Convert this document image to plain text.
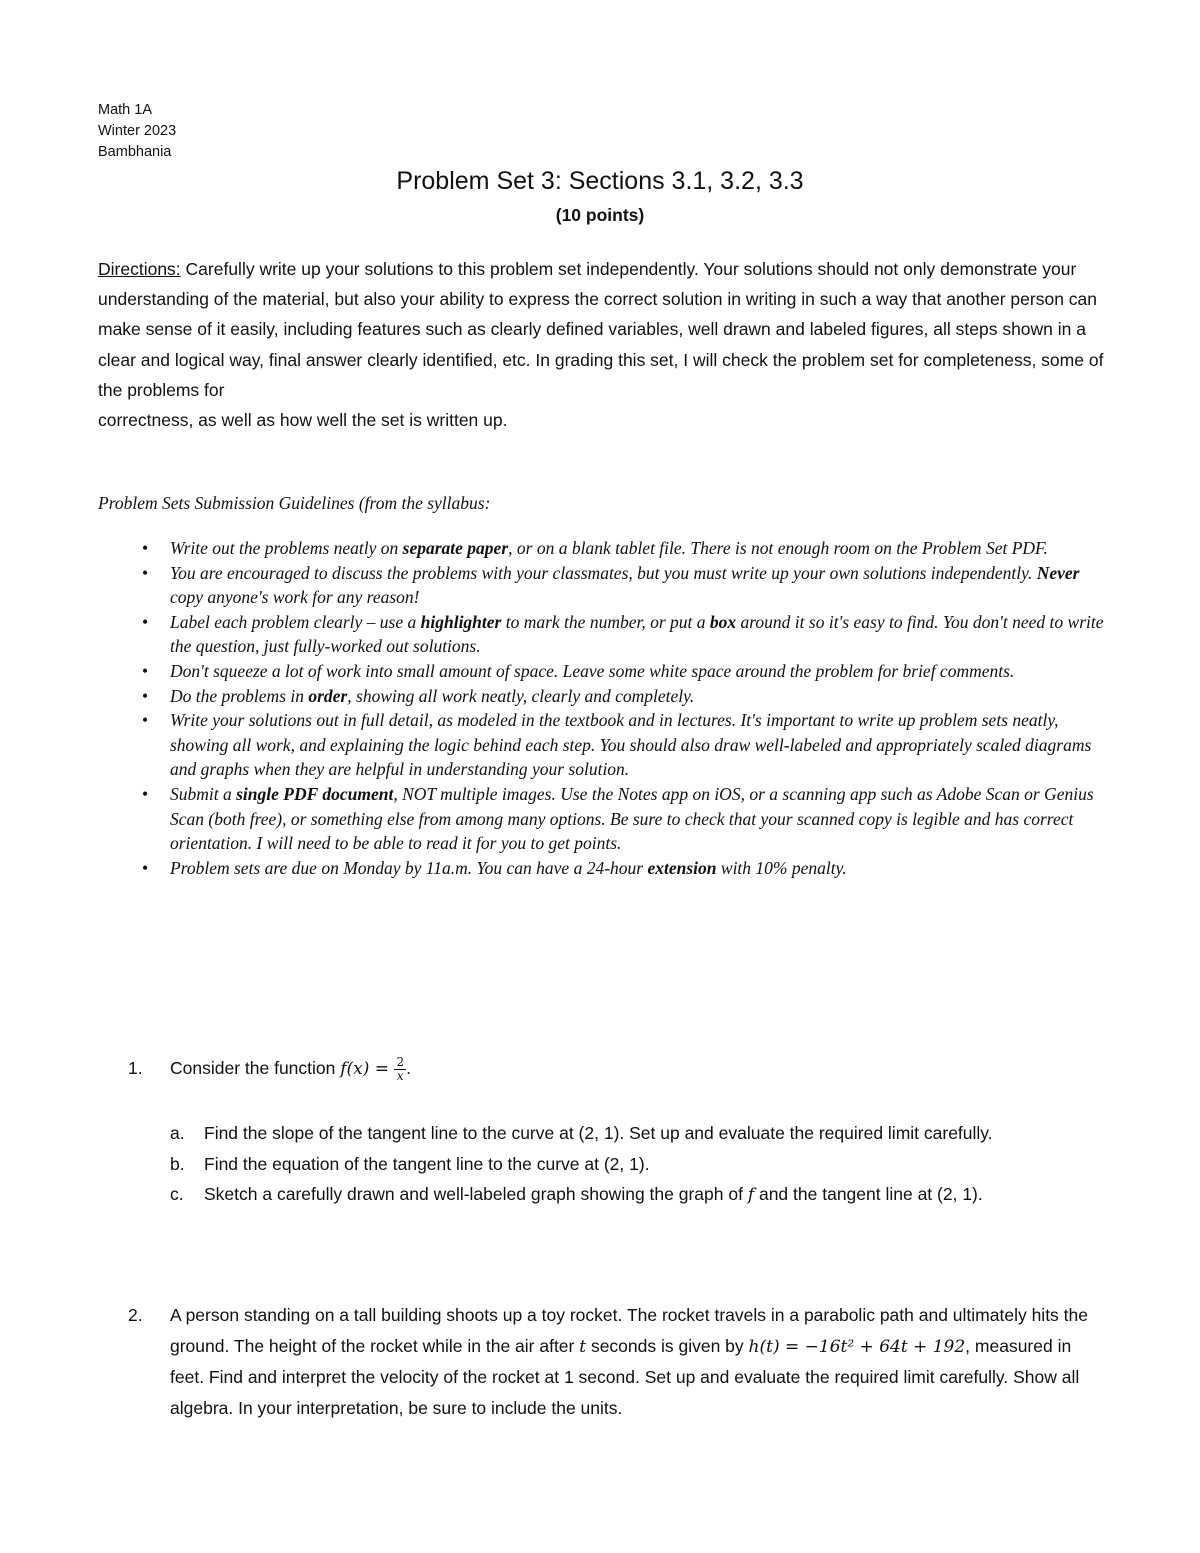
Math 1A
Winter 2023
Bambhania
Problem Set 3: Sections 3.1, 3.2, 3.3
(10 points)
Directions: Carefully write up your solutions to this problem set independently. Your solutions should not only demonstrate your understanding of the material, but also your ability to express the correct solution in writing in such a way that another person can make sense of it easily, including features such as clearly defined variables, well drawn and labeled figures, all steps shown in a clear and logical way, final answer clearly identified, etc. In grading this set, I will check the problem set for completeness, some of the problems for
correctness, as well as how well the set is written up.
Problem Sets Submission Guidelines (from the syllabus:
• Write out the problems neatly on separate paper, or on a blank tablet file. There is not enough room on the Problem Set PDF.
• You are encouraged to discuss the problems with your classmates, but you must write up your own solutions independently. Never copy anyone's work for any reason!
• Label each problem clearly – use a highlighter to mark the number, or put a box around it so it's easy to find. You don't need to write the question, just fully-worked out solutions.
• Don't squeeze a lot of work into small amount of space. Leave some white space around the problem for brief comments.
• Do the problems in order, showing all work neatly, clearly and completely.
• Write your solutions out in full detail, as modeled in the textbook and in lectures. It's important to write up problem sets neatly, showing all work, and explaining the logic behind each step. You should also draw well-labeled and appropriately scaled diagrams and graphs when they are helpful in understanding your solution.
• Submit a single PDF document, NOT multiple images. Use the Notes app on iOS, or a scanning app such as Adobe Scan or Genius Scan (both free), or something else from among many options. Be sure to check that your scanned copy is legible and has correct orientation. I will need to be able to read it for you to get points.
• Problem sets are due on Monday by 11a.m. You can have a 24-hour extension with 10% penalty.
1. Consider the function $f(x) = \frac{2}{x}$ .
a. Find the slope of the tangent line to the curve at (2, 1). Set up and evaluate the required limit carefully.
b. Find the equation of the tangent line to the curve at (2, 1).
c. Sketch a carefully drawn and well-labeled graph showing the graph of f and the tangent line at (2, 1).
2. A person standing on a tall building shoots up a toy rocket. The rocket travels in a parabolic path and ultimately hits the ground. The height of the rocket while in the air after t seconds is given by h(t) = −16t² + 64t + 192, measured in feet. Find and interpret the velocity of the rocket at 1 second. Set up and evaluate the required limit carefully. Show all algebra. In your interpretation, be sure to include the units.
